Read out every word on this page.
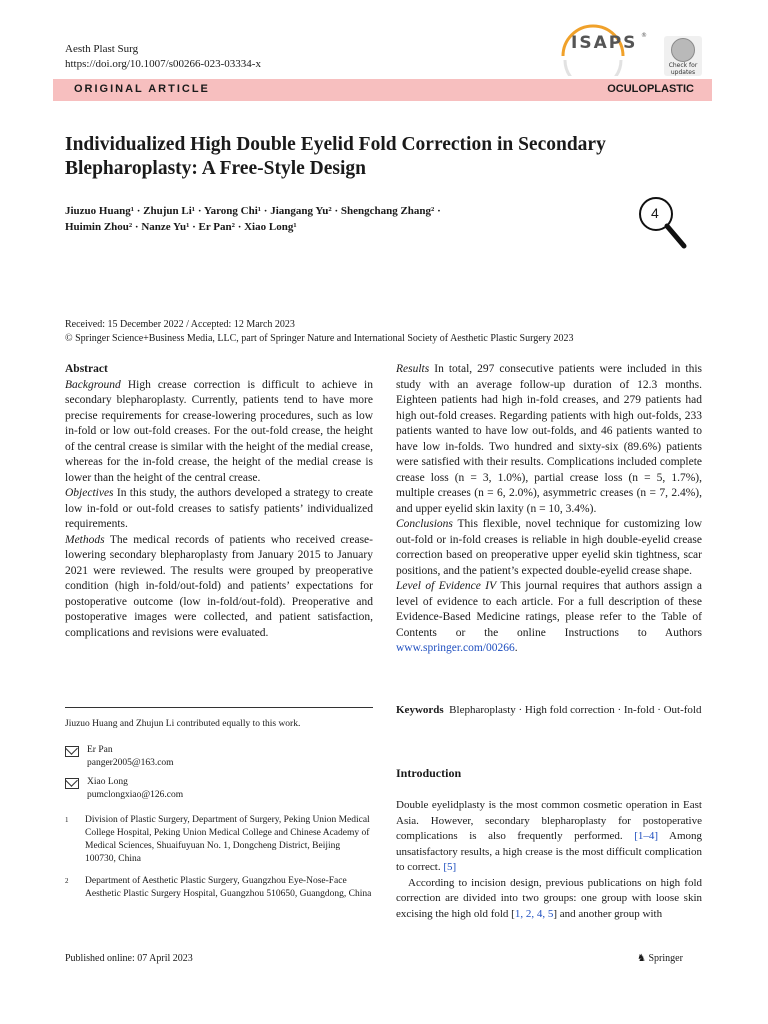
Aesth Plast Surg
https://doi.org/10.1007/s00266-023-03334-x
ISAPS ®
Check for updates
ORIGINAL ARTICLE	OCULOPLASTIC
Individualized High Double Eyelid Fold Correction in Secondary Blepharoplasty: A Free-Style Design
Jiuzuo Huang¹ · Zhujun Li¹ · Yarong Chi¹ · Jiangang Yu² · Shengchang Zhang² ·
Huimin Zhou² · Nanze Yu¹ · Er Pan² · Xiao Long¹
4
Received: 15 December 2022 / Accepted: 12 March 2023
© Springer Science+Business Media, LLC, part of Springer Nature and International Society of Aesthetic Plastic Surgery 2023

Abstract

Background High crease correction is difficult to achieve in secondary blepharoplasty. Currently, patients tend to have more precise requirements for crease-lowering procedures, such as low in-fold or low out-fold creases. For the out-fold crease, the height of the central crease is similar with the height of the medial crease, whereas for the in-fold crease, the height of the medial crease is lower than the height of the central crease.

Objectives In this study, the authors developed a strategy to create low in-fold or out-fold creases to satisfy patients’ individualized requirements.

Methods The medical records of patients who received crease-lowering secondary blepharoplasty from January 2015 to January 2021 were reviewed. The results were grouped by preoperative condition (high in-fold/out-fold) and patients’ expectations for postoperative outcome (low in-fold/out-fold). Preoperative and postoperative images were collected, and patient satisfaction, complications and revisions were evaluated.

Results In total, 297 consecutive patients were included in this study with an average follow-up duration of 12.3 months. Eighteen patients had high in-fold creases, and 279 patients had high out-fold creases. Regarding patients with high out-folds, 233 patients wanted to have low out-folds, and 46 patients wanted to have low in-folds. Two hundred and sixty-six (89.6%) patients were satisfied with their results. Complications included complete crease loss (n = 3, 1.0%), partial crease loss (n = 5, 1.7%), multiple creases (n = 6, 2.0%), asymmetric creases (n = 7, 2.4%), and upper eyelid skin laxity (n = 10, 3.4%).

Conclusions This flexible, novel technique for customizing low out-fold or in-fold creases is reliable in high double-eyelid crease correction based on preoperative upper eyelid skin tightness, scar positions, and the patient’s expected double-eyelid crease shape.

Level of Evidence IV This journal requires that authors assign a level of evidence to each article. For a full description of these Evidence-Based Medicine ratings, please refer to the Table of Contents or the online Instructions to Authors www.springer.com/00266.

Keywords Blepharoplasty · High fold correction · In-fold · Out-fold
Jiuzuo Huang and Zhujun Li contributed equally to this work.
Er Pan
panger2005@163.com
Xiao Long
pumclongxiao@126.com
1	Division of Plastic Surgery, Department of Surgery, Peking Union Medical College Hospital, Peking Union Medical College and Chinese Academy of Medical Sciences, Shuaifuyuan No. 1, Dongcheng District, Beijing 100730, China
2	Department of Aesthetic Plastic Surgery, Guangzhou Eye-Nose-Face Aesthetic Plastic Surgery Hospital, Guangzhou 510650, Guangdong, China
Introduction

Double eyelidplasty is the most common cosmetic operation in East Asia. However, secondary blepharoplasty for postoperative complications is also frequently performed. [1–4] Among unsatisfactory results, a high crease is the most difficult complication to correct. [5]

According to incision design, previous publications on high fold correction are divided into two groups: one group with loose skin excising the high old fold [1, 2, 4, 5] and another group with

Published online: 07 April 2023	♞ Springer
